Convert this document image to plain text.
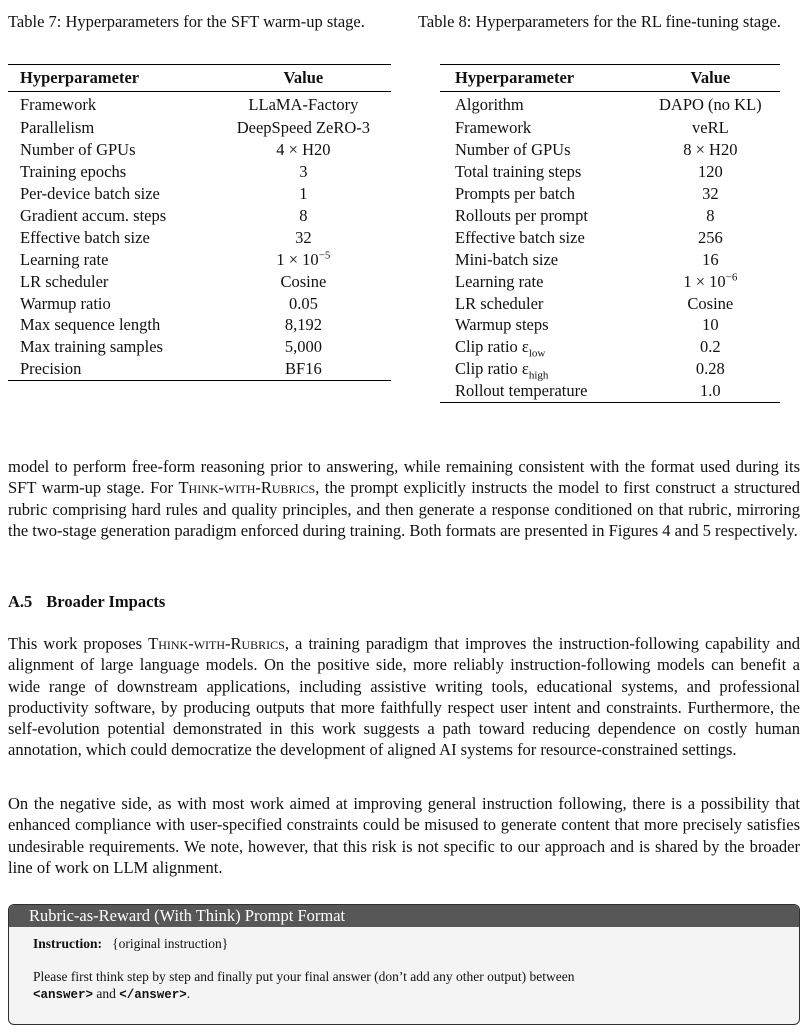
Table 7: Hyperparameters for the SFT warm-up stage.
Hyperparameter	Value
Framework	LLaMA-Factory
Parallelism	DeepSpeed ZeRO-3
Number of GPUs	4 × H20
Training epochs	3
Per-device batch size	1
Gradient accum. steps	8
Effective batch size	32
Learning rate	$1 \times 10^{-5}$
LR scheduler	Cosine
Warmup ratio	0.05
Max sequence length	8,192
Max training samples	5,000
Precision	BF16
Table 8: Hyperparameters for the RL fine-tuning stage.
Hyperparameter	Value
Algorithm	DAPO (no KL)
Framework	veRL
Number of GPUs	8 × H20
Total training steps	120
Prompts per batch	32
Rollouts per prompt	8
Effective batch size	256
Mini-batch size	16
Learning rate	$1 \times 10^{-6}$
LR scheduler	Cosine
Warmup steps	10
Clip ratio $\varepsilon_{low}$	0.2
Clip ratio $\varepsilon_{high}$	0.28
Rollout temperature	1.0

model to perform free-form reasoning prior to answering, while remaining consistent with the format used during its SFT warm-up stage. For Think-with-Rubrics, the prompt explicitly instructs the model to first construct a structured rubric comprising hard rules and quality principles, and then generate a response conditioned on that rubric, mirroring the two-stage generation paradigm enforced during training. Both formats are presented in Figures 4 and 5 respectively.

A.5 Broader Impacts

This work proposes Think-with-Rubrics, a training paradigm that improves the instruction-following capability and alignment of large language models. On the positive side, more reliably instruction-following models can benefit a wide range of downstream applications, including assistive writing tools, educational systems, and professional productivity software, by producing outputs that more faithfully respect user intent and constraints. Furthermore, the self-evolution potential demonstrated in this work suggests a path toward reducing dependence on costly human annotation, which could democratize the development of aligned AI systems for resource-constrained settings.

On the negative side, as with most work aimed at improving general instruction following, there is a possibility that enhanced compliance with user-specified constraints could be misused to generate content that more precisely satisfies undesirable requirements. We note, however, that this risk is not specific to our approach and is shared by the broader line of work on LLM alignment.

Rubric-as-Reward (With Think) Prompt Format
Instruction: {original instruction}
Please first think step by step and finally put your final answer (don’t add any other output) between
<answer> and </answer>.
